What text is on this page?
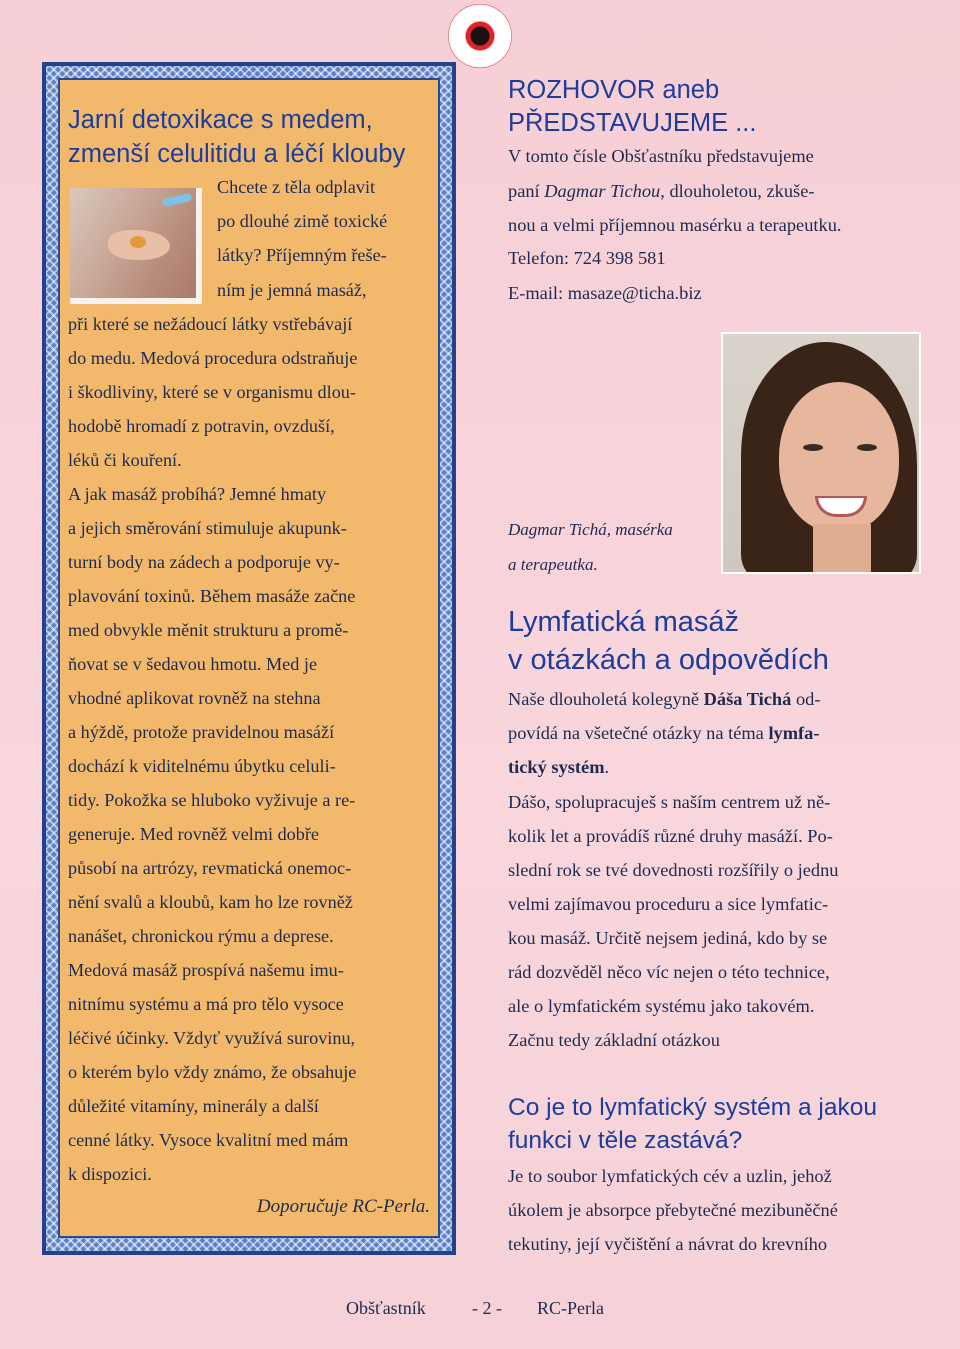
PERLA
Jarní detoxikace s medem,
zmenší celulitidu a léčí klouby

Chcete z těla odplavit

po dlouhé zimě toxické

látky? Příjemným řeše-

ním je jemná masáž,

při které se nežádoucí látky vstřebávají

do medu. Medová procedura odstraňuje

i škodliviny, které se v organismu dlou-

hodobě hromadí z potravin, ovzduší,

léků či kouření.

A jak masáž probíhá? Jemné hmaty

a jejich směrování stimuluje akupunk-

turní body na zádech a podporuje vy-

plavování toxinů. Během masáže začne

med obvykle měnit strukturu a promě-

ňovat se v šedavou hmotu. Med je

vhodné aplikovat rovněž na stehna

a hýždě, protože pravidelnou masáží

dochází k viditelnému úbytku celuli-

tidy. Pokožka se hluboko vyživuje a re-

generuje. Med rovněž velmi dobře

působí na artrózy, revmatická onemoc-

nění svalů a kloubů, kam ho lze rovněž

nanášet, chronickou rýmu a deprese.

Medová masáž prospívá našemu imu-

nitnímu systému a má pro tělo vysoce

léčivé účinky. Vždyť využívá surovinu,

o kterém bylo vždy známo, že obsahuje

důležité vitamíny, minerály a další

cenné látky. Vysoce kvalitní med mám

k dispozici.

Doporučuje RC-Perla.

ROZHOVOR aneb
PŘEDSTAVUJEME ...

V tomto čísle Obšťastníku představujeme

paní Dagmar Tichou, dlouholetou, zkuše-

nou a velmi příjemnou masérku a terapeutku.

Telefon: 724 398 581

E-mail: masaze@ticha.biz

Dagmar Tichá, masérka

a terapeutka.

Lymfatická masáž
v otázkách a odpovědích

Naše dlouholetá kolegyně Dáša Tichá od-

povídá na všetečné otázky na téma lymfa-

tický systém.

Dášo, spolupracuješ s naším centrem už ně-

kolik let a provádíš různé druhy masáží. Po-

slední rok se tvé dovednosti rozšířily o jednu

velmi zajímavou proceduru a sice lymfatic-

kou masáž. Určitě nejsem jediná, kdo by se

rád dozvěděl něco víc nejen o této technice,

ale o lymfatickém systému jako takovém.

Začnu tedy základní otázkou

Co je to lymfatický systém a jakou
funkci v těle zastává?

Je to soubor lymfatických cév a uzlin, jehož

úkolem je absorpce přebytečné mezibuněčné

tekutiny, její vyčištění a návrat do krevního

Obšťastník	- 2 - RC-Perla
